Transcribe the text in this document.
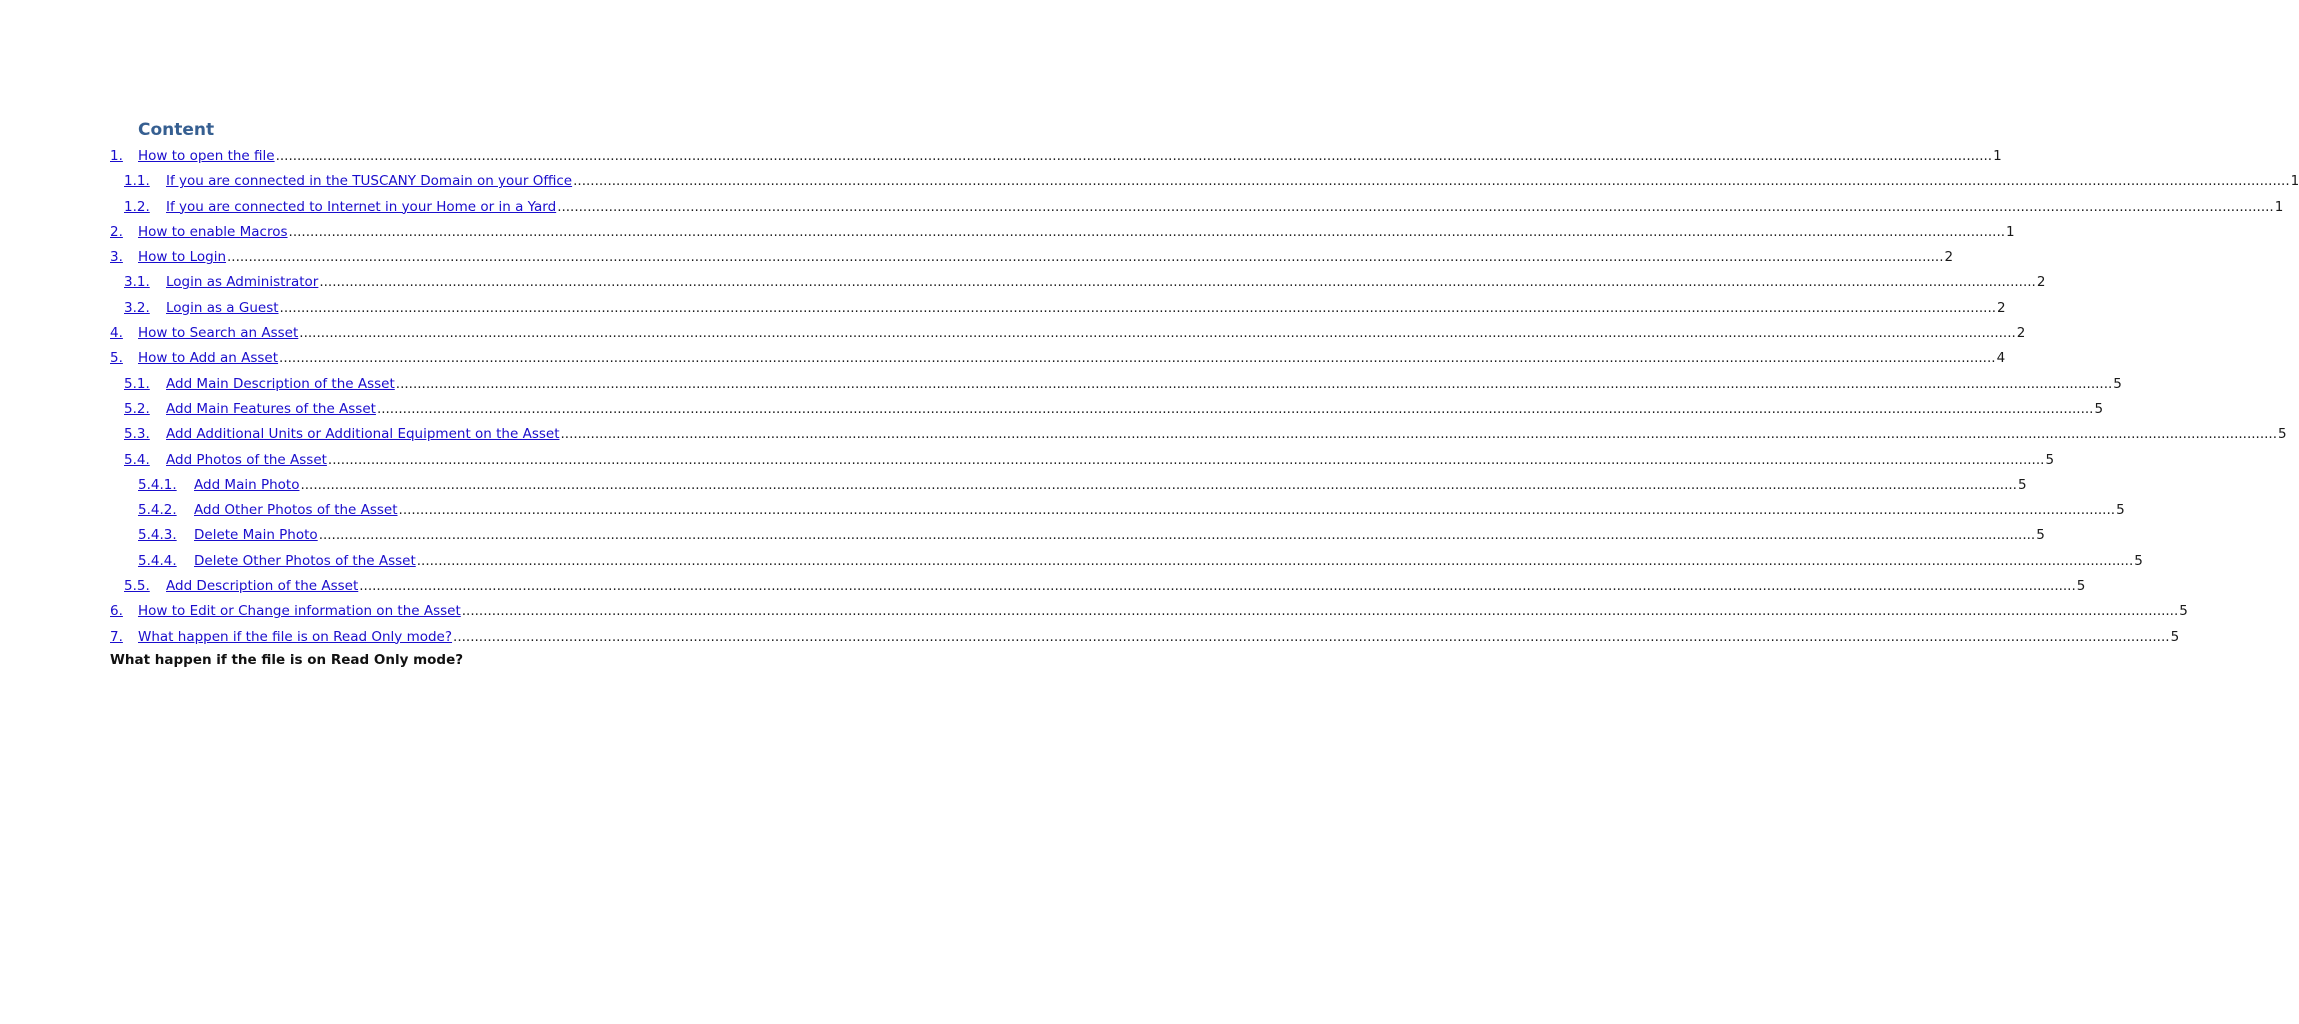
Content
1.	How to open the file ................................................................................................................................................................................................................................................................................................................................................................................................................ 1
1.1.	If you are connected in the TUSCANY Domain on your Office ................................................................................................................................................................................................................................................................................................................................................................................................................ 1
1.2.	If you are connected to Internet in your Home or in a Yard ................................................................................................................................................................................................................................................................................................................................................................................................................ 1
2.	How to enable Macros ................................................................................................................................................................................................................................................................................................................................................................................................................ 1
3.	How to Login ................................................................................................................................................................................................................................................................................................................................................................................................................ 2
3.1.	Login as Administrator ................................................................................................................................................................................................................................................................................................................................................................................................................ 2
3.2.	Login as a Guest ................................................................................................................................................................................................................................................................................................................................................................................................................ 2
4.	How to Search an Asset ................................................................................................................................................................................................................................................................................................................................................................................................................ 2
5.	How to Add an Asset ................................................................................................................................................................................................................................................................................................................................................................................................................ 4
5.1.	Add Main Description of the Asset ................................................................................................................................................................................................................................................................................................................................................................................................................ 5
5.2.	Add Main Features of the Asset ................................................................................................................................................................................................................................................................................................................................................................................................................ 5
5.3.	Add Additional Units or Additional Equipment on the Asset ................................................................................................................................................................................................................................................................................................................................................................................................................ 5
5.4.	Add Photos of the Asset ................................................................................................................................................................................................................................................................................................................................................................................................................ 5
5.4.1.	Add Main Photo ................................................................................................................................................................................................................................................................................................................................................................................................................ 5
5.4.2.	Add Other Photos of the Asset ................................................................................................................................................................................................................................................................................................................................................................................................................ 5
5.4.3.	Delete Main Photo ................................................................................................................................................................................................................................................................................................................................................................................................................ 5
5.4.4.	Delete Other Photos of the Asset ................................................................................................................................................................................................................................................................................................................................................................................................................ 5
5.5.	Add Description of the Asset ................................................................................................................................................................................................................................................................................................................................................................................................................ 5
6.	How to Edit or Change information on the Asset ................................................................................................................................................................................................................................................................................................................................................................................................................ 5
7.	What happen if the file is on Read Only mode? ................................................................................................................................................................................................................................................................................................................................................................................................................ 5
What happen if the file is on Read Only mode?
